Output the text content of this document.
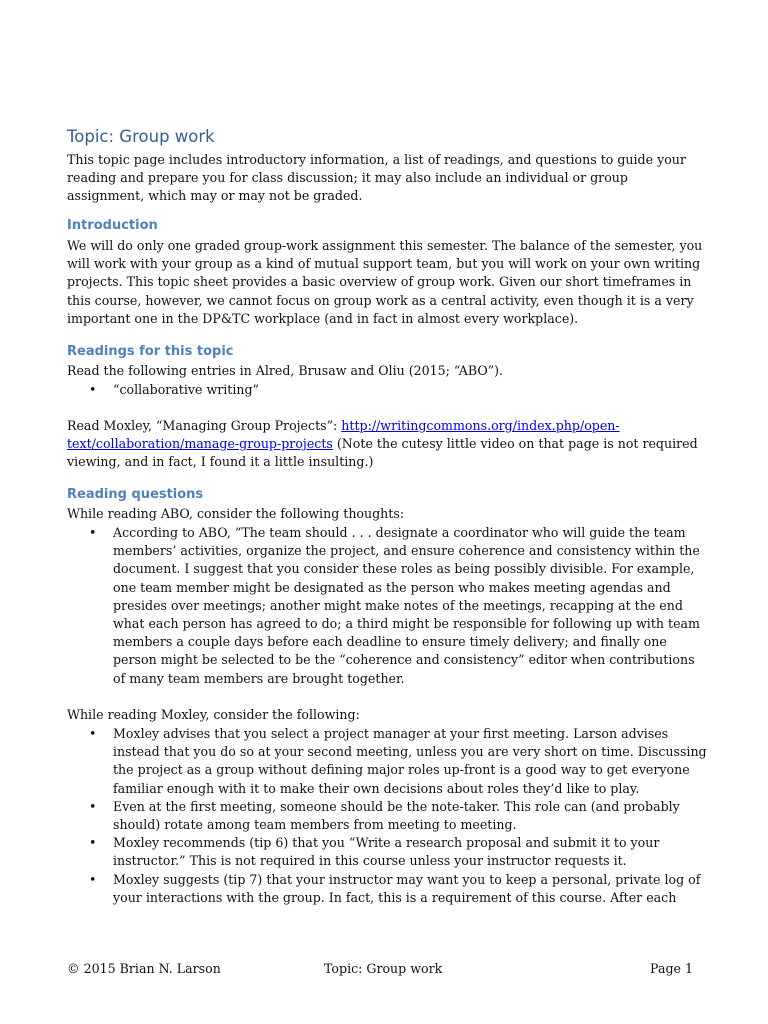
Topic: Group work

This topic page includes introductory information, a list of readings, and questions to guide your reading and prepare you for class discussion; it may also include an individual or group assignment, which may or may not be graded.

Introduction

We will do only one graded group-work assignment this semester. The balance of the semester, you will work with your group as a kind of mutual support team, but you will work on your own writing projects. This topic sheet provides a basic overview of group work. Given our short timeframes in this course, however, we cannot focus on group work as a central activity, even though it is a very important one in the DP&TC workplace (and in fact in almost every workplace).

Readings for this topic

Read the following entries in Alred, Brusaw and Oliu (2015; “ABO”).

• “collaborative writing”

Read Moxley, “Managing Group Projects”: http://writingcommons.org/index.php/open-text/collaboration/manage-group-projects (Note the cutesy little video on that page is not required viewing, and in fact, I found it a little insulting.)

Reading questions

While reading ABO, consider the following thoughts:

• According to ABO, “The team should . . . designate a coordinator who will guide the team members’ activities, organize the project, and ensure coherence and consistency within the document. I suggest that you consider these roles as being possibly divisible. For example, one team member might be designated as the person who makes meeting agendas and presides over meetings; another might make notes of the meetings, recapping at the end what each person has agreed to do; a third might be responsible for following up with team members a couple days before each deadline to ensure timely delivery; and finally one person might be selected to be the “coherence and consistency” editor when contributions of many team members are brought together.

While reading Moxley, consider the following:

• Moxley advises that you select a project manager at your first meeting. Larson advises instead that you do so at your second meeting, unless you are very short on time. Discussing the project as a group without defining major roles up-front is a good way to get everyone familiar enough with it to make their own decisions about roles they’d like to play.
• Even at the first meeting, someone should be the note-taker. This role can (and probably should) rotate among team members from meeting to meeting.
• Moxley recommends (tip 6) that you “Write a research proposal and submit it to your instructor.” This is not required in this course unless your instructor requests it.
• Moxley suggests (tip 7) that your instructor may want you to keep a personal, private log of your interactions with the group. In fact, this is a requirement of this course. After each
© 2015 Brian N. Larson	Topic: Group work	Page 1
